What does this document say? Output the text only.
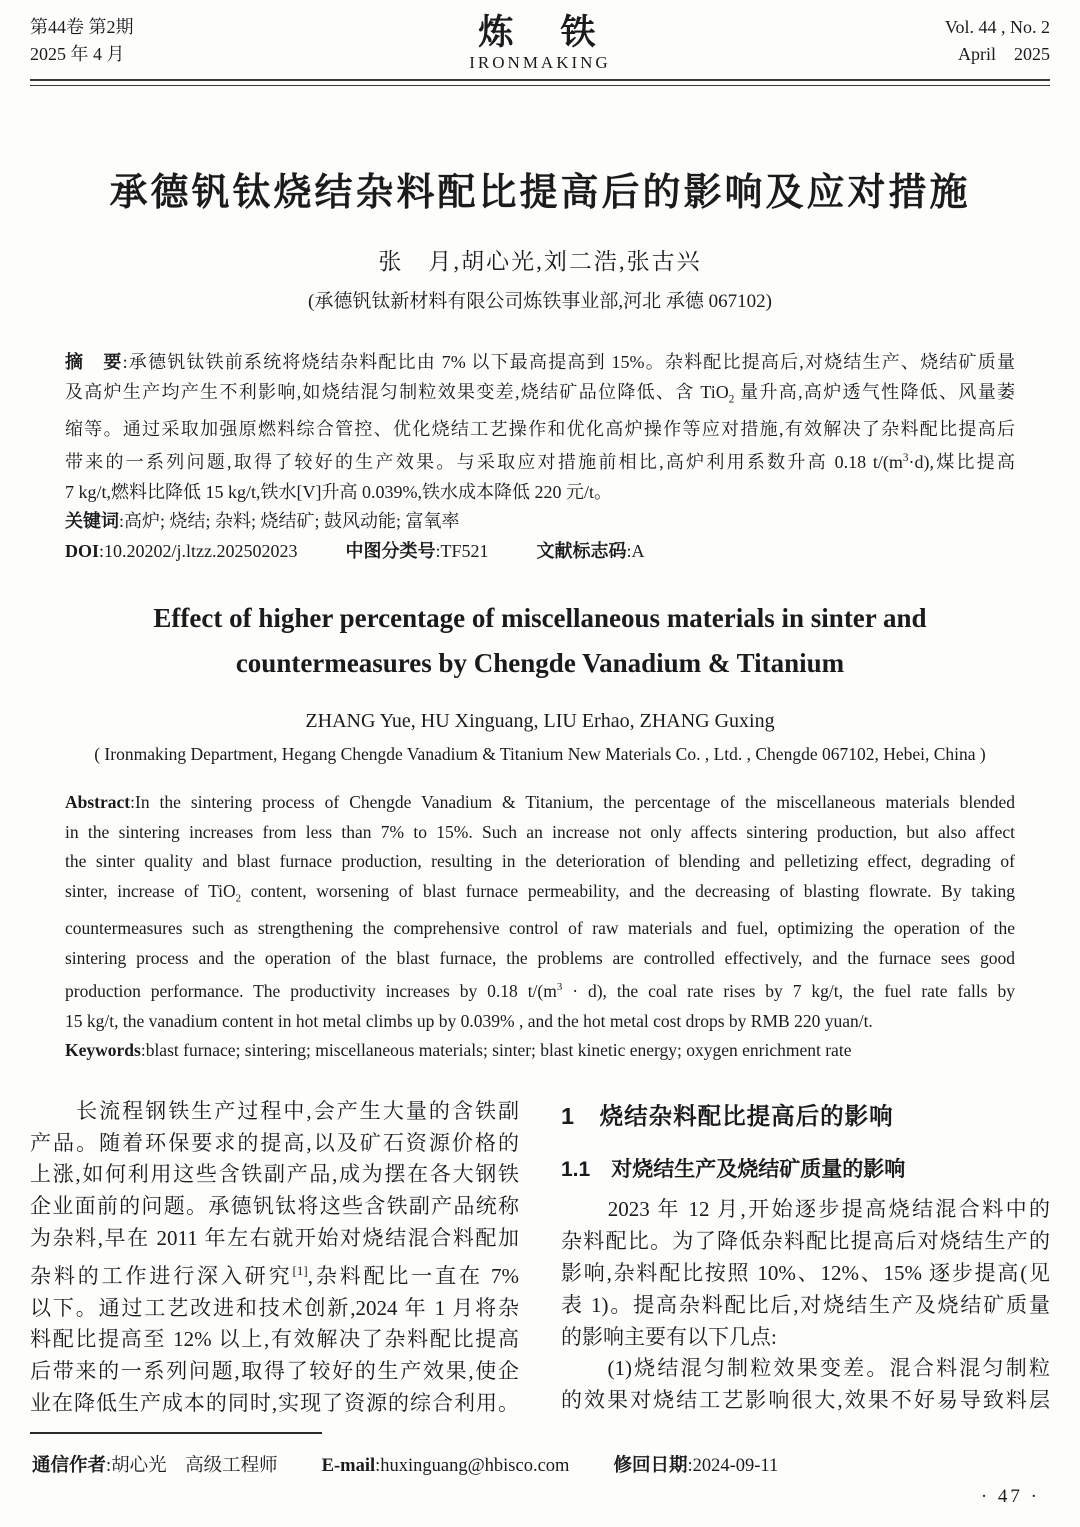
第44卷 第2期
2025 年 4 月
炼　铁
IRONMAKING
Vol. 44 , No. 2
April　2025
承德钒钛烧结杂料配比提高后的影响及应对措施
张　月,胡心光,刘二浩,张古兴
(承德钒钛新材料有限公司炼铁事业部,河北 承德 067102)
摘　要:承德钒钛铁前系统将烧结杂料配比由 7% 以下最高提高到 15%。杂料配比提高后,对烧结生产、烧结矿质量
及高炉生产均产生不利影响,如烧结混匀制粒效果变差,烧结矿品位降低、含 TiO$_2$ 量升高,高炉透气性降低、风量萎
缩等。通过采取加强原燃料综合管控、优化烧结工艺操作和优化高炉操作等应对措施,有效解决了杂料配比提高后
带来的一系列问题,取得了较好的生产效果。与采取应对措施前相比,高炉利用系数升高 0.18 $t/(m^3\cdot d)$,煤比提高
7 kg/t,燃料比降低 15 kg/t,铁水[V]升高 0.039%,铁水成本降低 220 元/t。
关键词:高炉; 烧结; 杂料; 烧结矿; 鼓风动能; 富氧率
DOI:10.20202/j.ltzz.202502023	中图分类号:TF521	文献标志码:A
Effect of higher percentage of miscellaneous materials in sinter and
countermeasures by Chengde Vanadium & Titanium
ZHANG Yue, HU Xinguang, LIU Erhao, ZHANG Guxing
( Ironmaking Department, Hegang Chengde Vanadium & Titanium New Materials Co. , Ltd. , Chengde 067102, Hebei, China )
Abstract:In the sintering process of Chengde Vanadium & Titanium, the percentage of the miscellaneous materials blended
in the sintering increases from less than 7% to 15%. Such an increase not only affects sintering production, but also affect
the sinter quality and blast furnace production, resulting in the deterioration of blending and pelletizing effect, degrading of
sinter, increase of TiO$_2$ content, worsening of blast furnace permeability, and the decreasing of blasting flowrate. By taking
countermeasures such as strengthening the comprehensive control of raw materials and fuel, optimizing the operation of the
sintering process and the operation of the blast furnace, the problems are controlled effectively, and the furnace sees good
production performance. The productivity increases by 0.18 $t/(m^3 \cdot d)$, the coal rate rises by 7 kg/t, the fuel rate falls by
15 kg/t, the vanadium content in hot metal climbs up by 0.039% , and the hot metal cost drops by RMB 220 yuan/t.
Keywords:blast furnace; sintering; miscellaneous materials; sinter; blast kinetic energy; oxygen enrichment rate
　　长流程钢铁生产过程中,会产生大量的含铁副
产品。随着环保要求的提高,以及矿石资源价格的
上涨,如何利用这些含铁副产品,成为摆在各大钢铁
企业面前的问题。承德钒钛将这些含铁副产品统称
为杂料,早在 2011 年左右就开始对烧结混合料配加
杂料的工作进行深入研究[1],杂料配比一直在 7%
以下。通过工艺改进和技术创新,2024 年 1 月将杂
料配比提高至 12% 以上,有效解决了杂料配比提高
后带来的一系列问题,取得了较好的生产效果,使企
业在降低生产成本的同时,实现了资源的综合利用。
1　烧结杂料配比提高后的影响
1.1　对烧结生产及烧结矿质量的影响
　　2023 年 12 月,开始逐步提高烧结混合料中的
杂料配比。为了降低杂料配比提高后对烧结生产的
影响,杂料配比按照 10%、12%、15% 逐步提高(见
表 1)。提高杂料配比后,对烧结生产及烧结矿质量
的影响主要有以下几点:
　　(1)烧结混匀制粒效果变差。混合料混匀制粒
的效果对烧结工艺影响很大,效果不好易导致料层
通信作者:胡心光　高级工程师 E-mail:huxinguang@hbisco.com 修回日期:2024-09-11
· 47 ·
